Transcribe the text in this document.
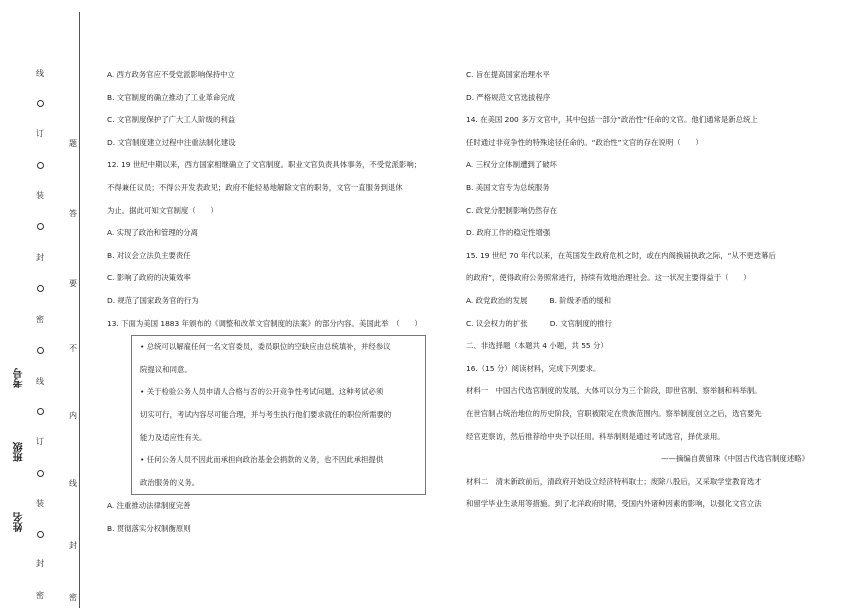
线
订
装
封
密
线
订
装
封
密
题
答
要
不
内
线
封
密
考号
班级
姓名
A. 西方政务官应不受党派影响保持中立
B. 文官制度的确立推动了工业革命完成
C. 文官制度保护了广大工人阶级的利益
D. 文官制度建立过程中注重法制化建设
12. 19 世纪中期以来，西方国家相继确立了文官制度。职业文官负责具体事务，不受党派影响；
不得兼任议员；不得公开发表政见；政府不能轻易地解除文官的职务，文官一直服务到退休
为止。据此可知文官制度（　　）
A. 实现了政治和管理的分离
B. 对议会立法负主要责任
C. 影响了政府的决策效率
D. 规范了国家政务官的行为
13. 下面为美国 1883 年颁布的《调整和改革文官制度的法案》的部分内容。美国此举　（　　）
• 总统可以解雇任何一名文官委员，委员职位的空缺应由总统填补，并经参议
院提议和同意。
• 关于检验公务人员申请人合格与否的公开竞争性考试问题。这种考试必须
切实可行，考试内容尽可能合理，并与考生执行他们要求就任的职位所需要的
能力及适应性有关。
• 任何公务人员不因此而承担向政治基金会捐款的义务，也不因此承担提供
政治服务的义务。
A. 注重推动法律制度完善
B. 贯彻落实分权制衡原则
C. 旨在提高国家治理水平
D. 严格规范文官选拔程序
14. 在美国 200 多万文官中，其中包括一部分“政治性”任命的文官。他们通常是新总统上
任时通过非竞争性的特殊途径任命的。“政治性”文官的存在说明（　　）
A. 三权分立体制遭到了破坏
B. 美国文官专为总统服务
C. 政党分肥制影响仍然存在
D. 政府工作的稳定性增强
15. 19 世纪 70 年代以来，在英国发生政府危机之时，或在内阁换届执政之际，“从不更迭幕后
的政府”，使得政府公务照常进行，持续有效地治理社会。这一状况主要得益于（　　）
A. 政党政治的发展　　　B. 阶级矛盾的缓和
C. 议会权力的扩张　　　D. 文官制度的推行
二、非选择题（本题共 4 小题，共 55 分）
16.（15 分）阅读材料，完成下列要求。
材料一　中国古代选官制度的发展，大体可以分为三个阶段，即世官制、察举制和科举制。
在世官制占统治地位的历史阶段，官职被限定在贵族范围内。察举制度创立之后，选官要先
经官吏察访，然后推荐给中央予以任用。科举制则是通过考试选官，择优录用。
——摘编自黄留珠《中国古代选官制度述略》
材料二　清末新政前后，清政府开始设立经济特科取士；废除八股后，又采取学堂教育选才
和留学毕业生录用等措施。到了北洋政府时期，受国内外诸种因素的影响，以强化文官立法
